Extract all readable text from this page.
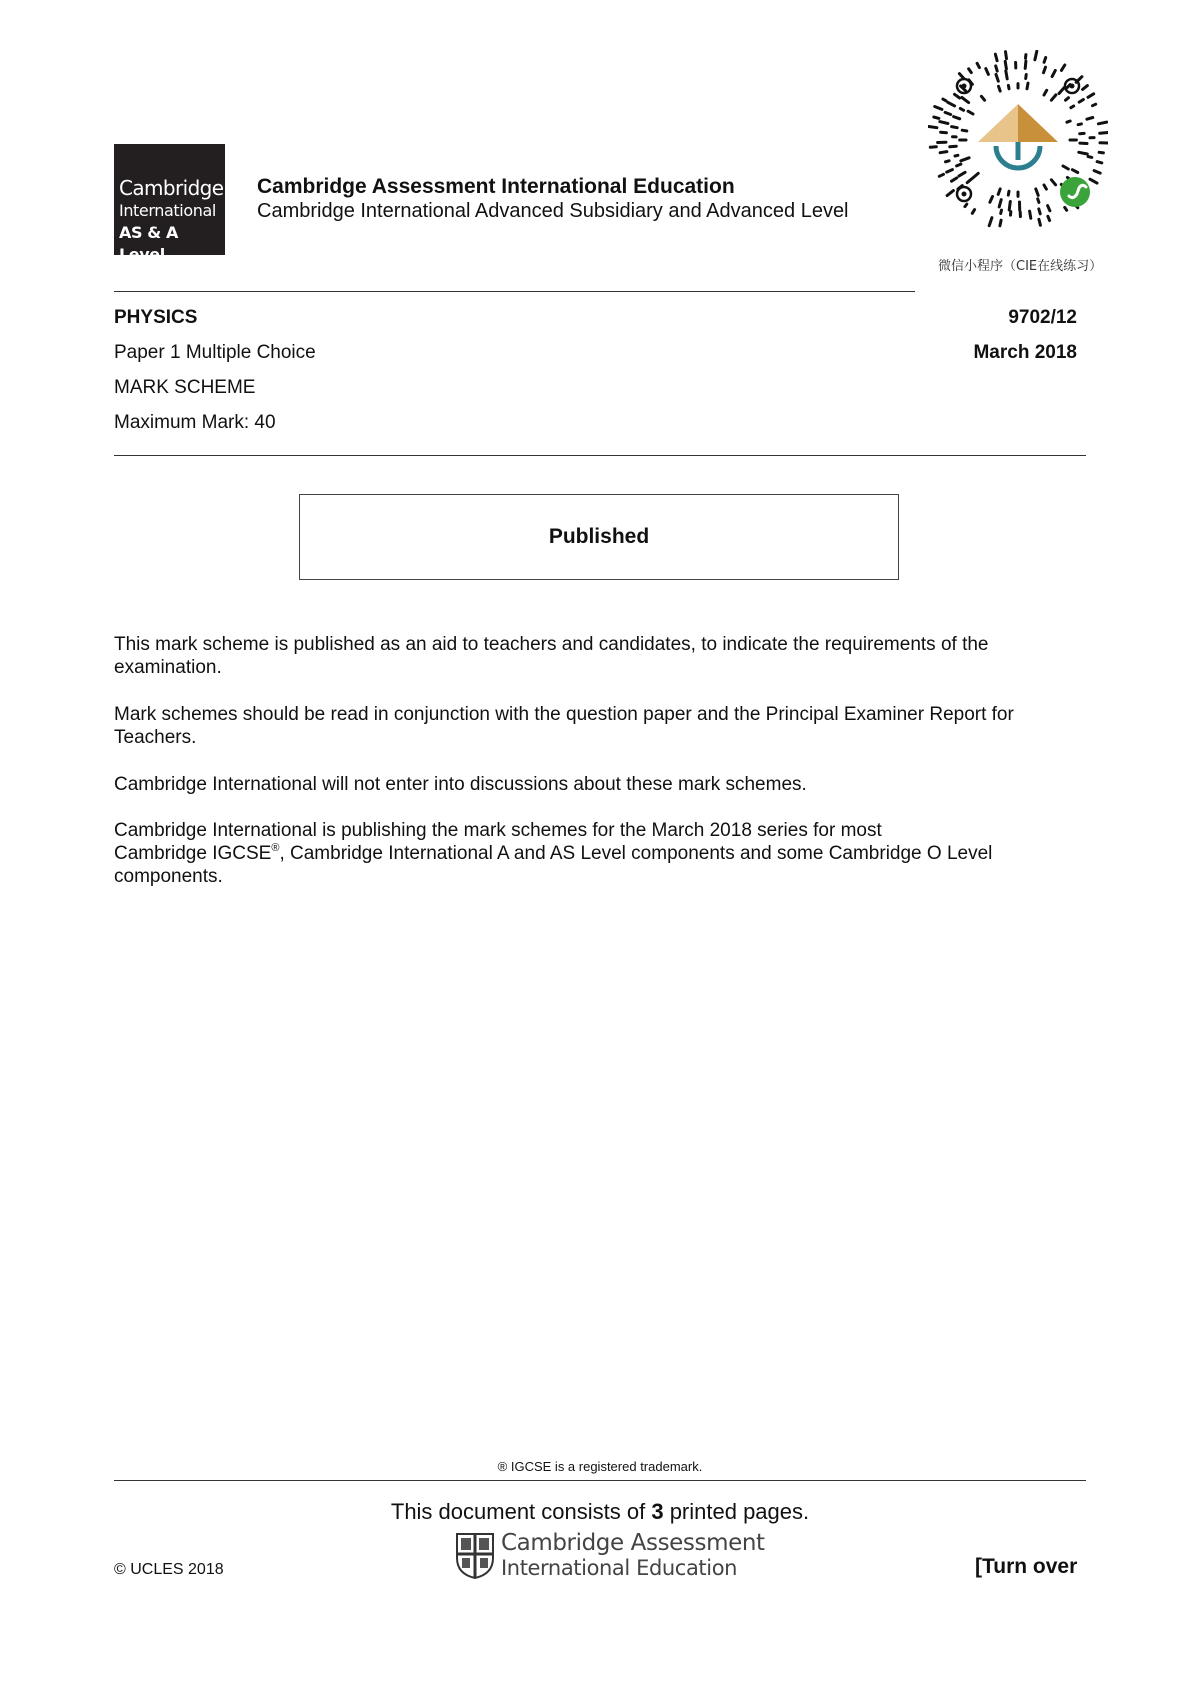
Cambridge
International
AS & A Level
Cambridge Assessment International Education
Cambridge International Advanced Subsidiary and Advanced Level
微信小程序（CIE在线练习）
PHYSICS	9702/12
Paper 1 Multiple Choice	March 2018
MARK SCHEME
Maximum Mark: 40
Published
This mark scheme is published as an aid to teachers and candidates, to indicate the requirements of the examination.
Mark schemes should be read in conjunction with the question paper and the Principal Examiner Report for Teachers.
Cambridge International will not enter into discussions about these mark schemes.
Cambridge International is publishing the mark schemes for the March 2018 series for most
Cambridge IGCSE®, Cambridge International A and AS Level components and some Cambridge O Level
components.
® IGCSE is a registered trademark.
This document consists of 3 printed pages.
Cambridge Assessment
International Education
© UCLES 2018	[Turn over
